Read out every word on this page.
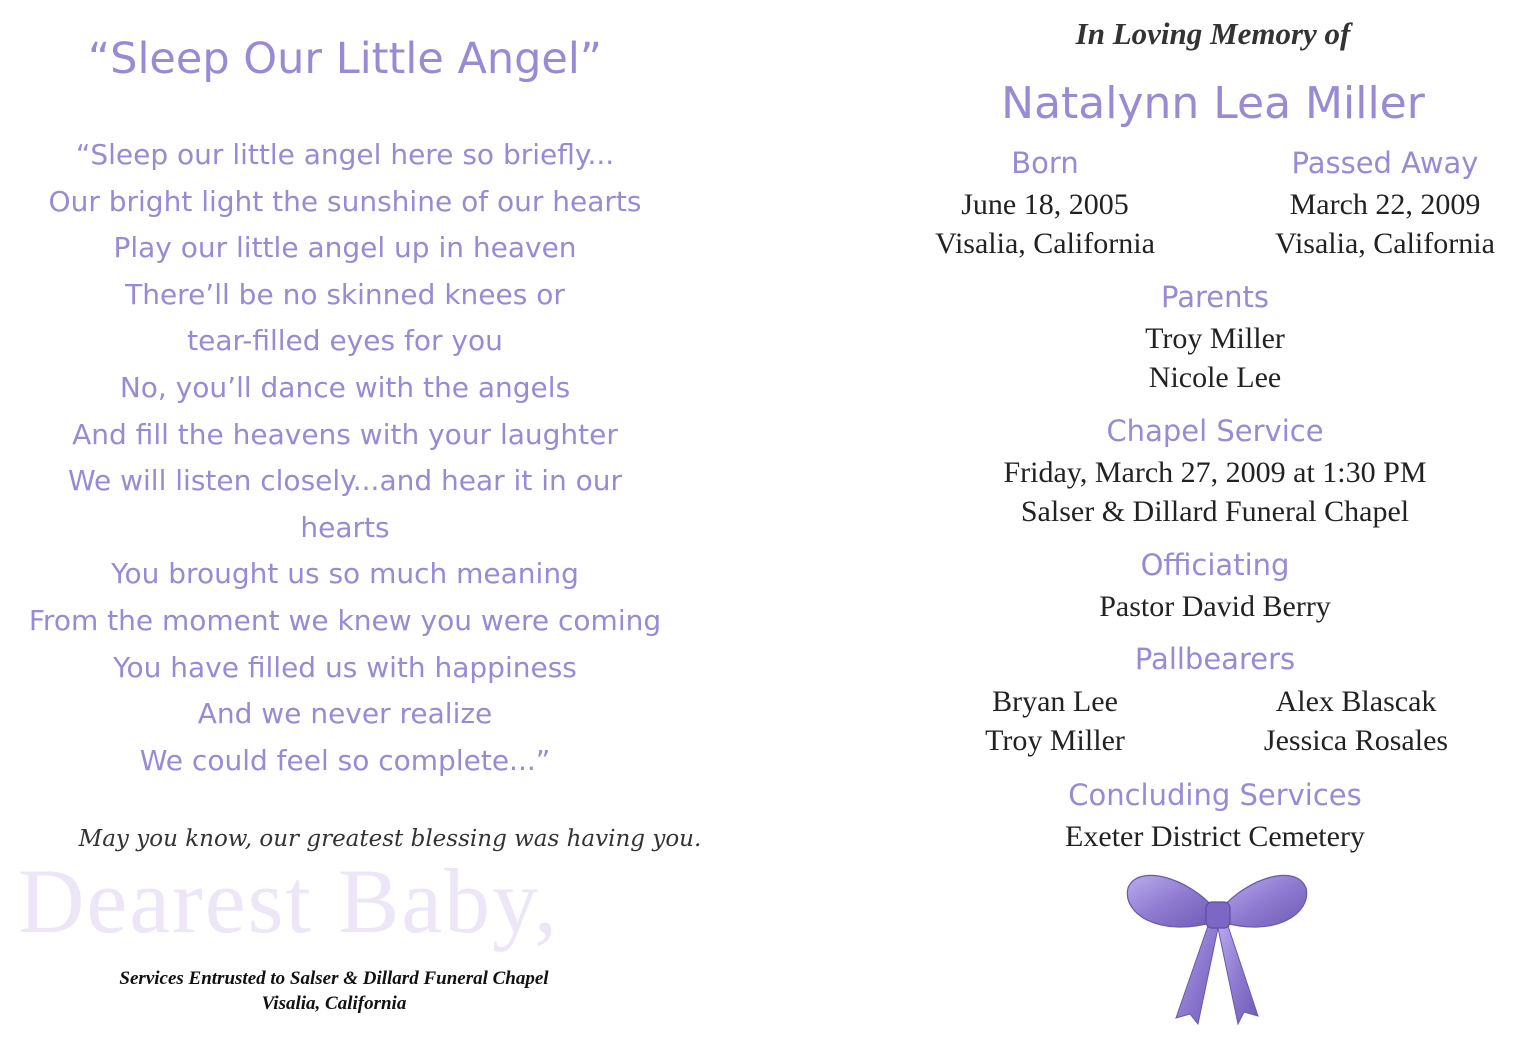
“Sleep Our Little Angel”
“Sleep our little angel here so briefly...
Our bright light the sunshine of our hearts
Play our little angel up in heaven
There’ll be no skinned knees or
tear-filled eyes for you
No, you’ll dance with the angels
And fill the heavens with your laughter
We will listen closely...and hear it in our
hearts
You brought us so much meaning
From the moment we knew you were coming
You have filled us with happiness
And we never realize
We could feel so complete...”
Dearest Baby,
May you know, our greatest blessing was having you.
Services Entrusted to Salser & Dillard Funeral Chapel
Visalia, California
In Loving Memory of
Natalynn Lea Miller
Born
June 18, 2005
Visalia, California
Passed Away
March 22, 2009
Visalia, California
Parents
Troy Miller
Nicole Lee
Chapel Service
Friday, March 27, 2009 at 1:30 PM
Salser & Dillard Funeral Chapel
Officiating
Pastor David Berry
Pallbearers
Bryan Lee
Troy Miller
Alex Blascak
Jessica Rosales
Concluding Services
Exeter District Cemetery
